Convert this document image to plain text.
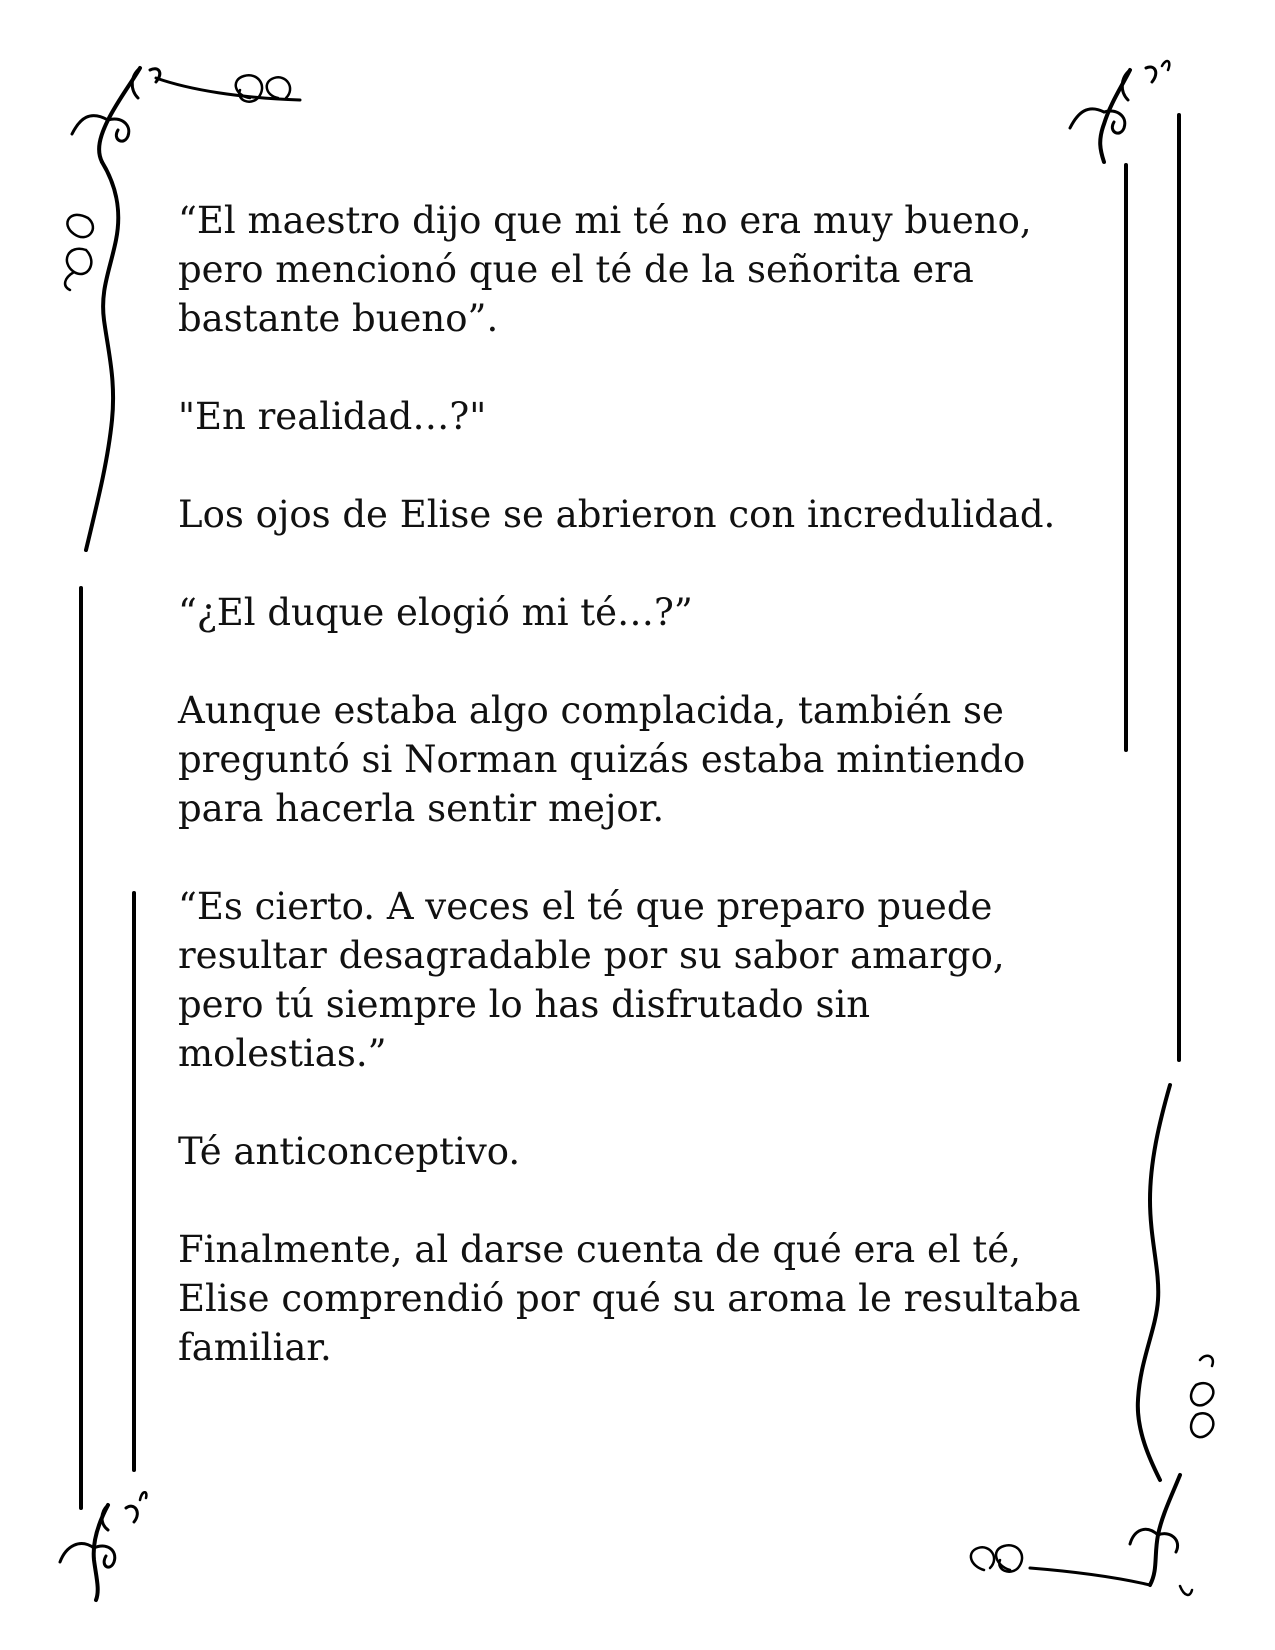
“El maestro dijo que mi té no era muy bueno,
pero mencionó que el té de la señorita era
bastante bueno”.

"En realidad…?"

Los ojos de Elise se abrieron con incredulidad.

“¿El duque elogió mi té…?”

Aunque estaba algo complacida, también se
preguntó si Norman quizás estaba mintiendo
para hacerla sentir mejor.

“Es cierto. A veces el té que preparo puede
resultar desagradable por su sabor amargo,
pero tú siempre lo has disfrutado sin
molestias.”

Té anticonceptivo.

Finalmente, al darse cuenta de qué era el té,
Elise comprendió por qué su aroma le resultaba
familiar.
